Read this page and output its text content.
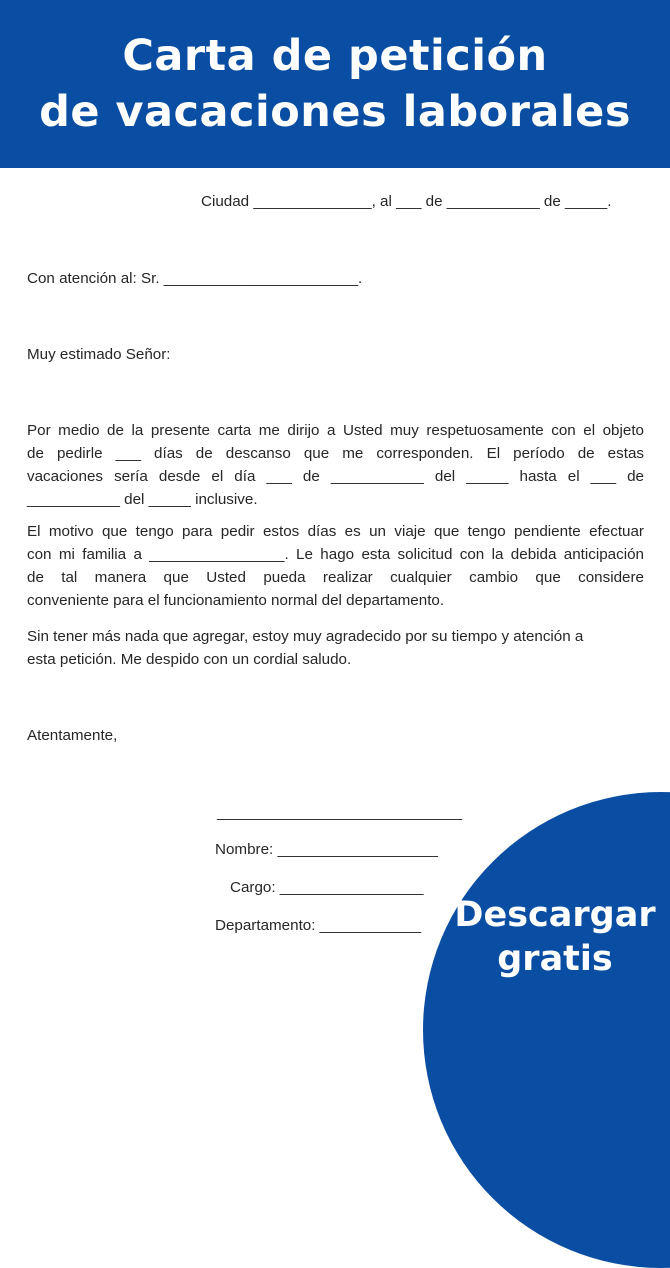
Carta de petición
de vacaciones laborales
Ciudad ______________, al ___ de ___________ de _____.
Con atención al: Sr. _______________________.
Muy estimado Señor:
Por medio de la presente carta me dirijo a Usted muy respetuosamente con el objeto
de pedirle ___ días de descanso que me corresponden. El período de estas
vacaciones sería desde el día ___ de ___________ del _____ hasta el ___ de
___________ del _____ inclusive.
El motivo que tengo para pedir estos días es un viaje que tengo pendiente efectuar
con mi familia a ________________. Le hago esta solicitud con la debida anticipación
de tal manera que Usted pueda realizar cualquier cambio que considere
conveniente para el funcionamiento normal del departamento.
Sin tener más nada que agregar, estoy muy agradecido por su tiempo y atención a
esta petición. Me despido con un cordial saludo.
Atentamente,
_____________________________
Nombre: ___________________
Cargo: _________________
Departamento: ____________ Descargar
gratis
